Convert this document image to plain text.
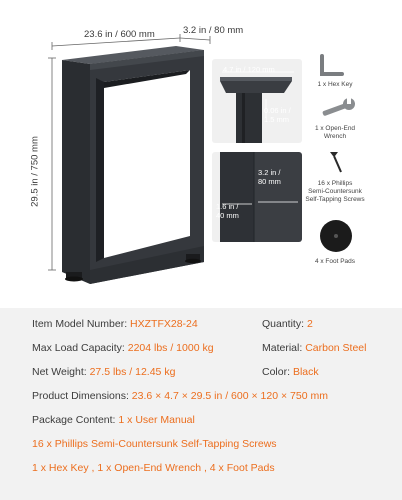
23.6 in / 600 mm	3.2 in / 80 mm
29.5 in / 750 mm
4.7 in / 120 mm
0.06 in /
1.5 mm
3.2 in /
80 mm
1.6 in /
40 mm
1 x Hex Key
1 x Open-End
Wrench
16 x Phillips
Semi-Countersunk
Self-Tapping Screws
4 x Foot Pads
Item Model Number: HXZTFX28-24	Quantity: 2
Max Load Capacity: 2204 lbs / 1000 kg	Material: Carbon Steel
Net Weight: 27.5 lbs / 12.45 kg	Color: Black
Product Dimensions: 23.6 × 4.7 × 29.5 in / 600 × 120 × 750 mm
Package Content: 1 x User Manual
16 x Phillips Semi-Countersunk Self-Tapping Screws
1 x Hex Key , 1 x Open-End Wrench , 4 x Foot Pads
